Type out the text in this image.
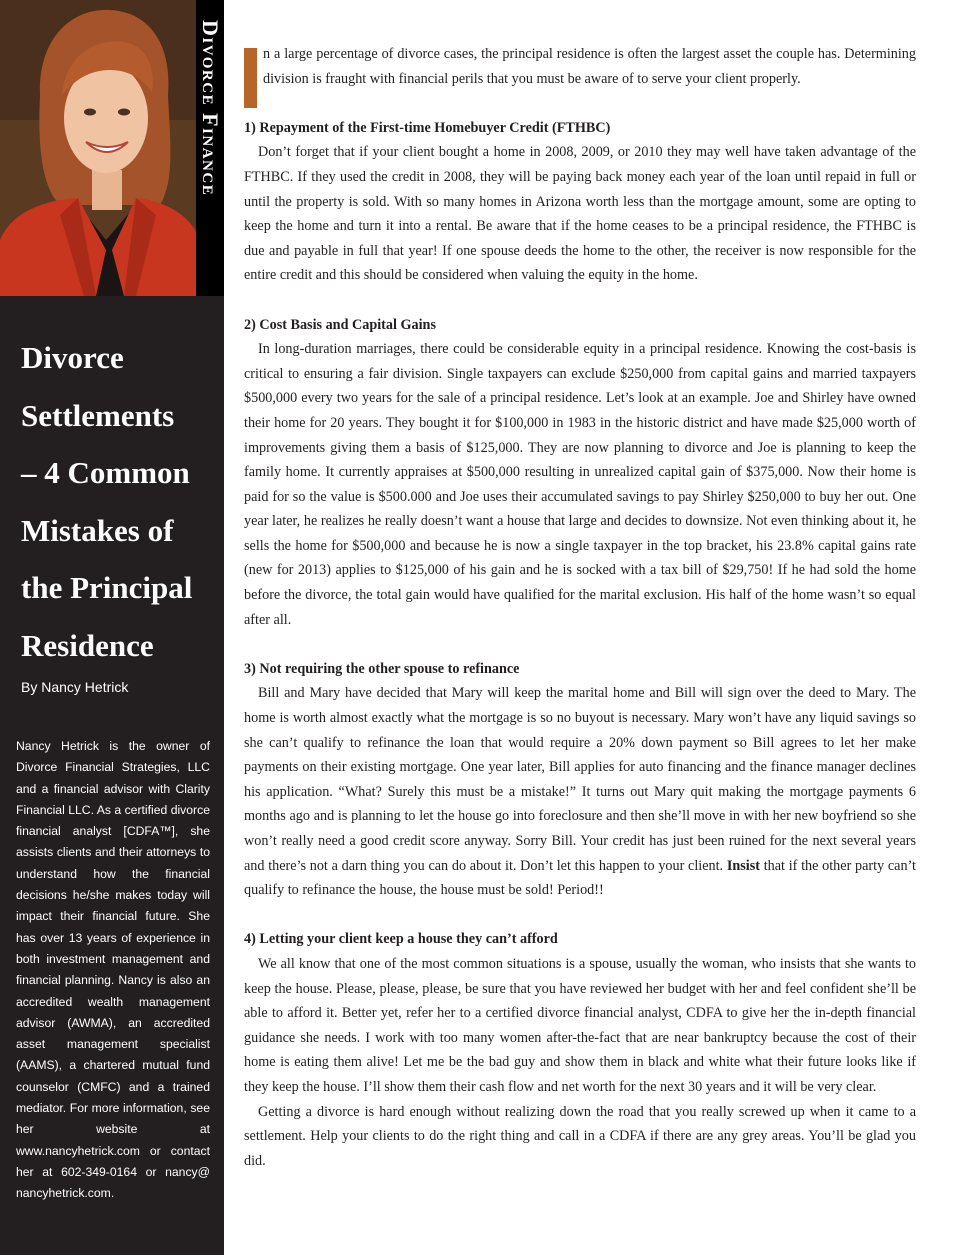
Divorce Finance
Divorce
Settlements
– 4 Common
Mistakes of
the Principal
Residence
By Nancy Hetrick

Nancy Hetrick is the owner of Divorce Financial Strategies, LLC and a financial advisor with Clarity Financial LLC. As a certified divorce financial analyst [CDFA™], she assists clients and their attorneys to understand how the financial decisions he/she makes today will impact their financial future. She has over 13 years of experience in both investment management and financial planning. Nancy is also an accredited wealth management advisor (AWMA), an accredited asset management specialist (AAMS), a chartered mutual fund counselor (CMFC) and a trained mediator. For more information, see her website at www.nancyhetrick.com or contact her at 602-349-0164 or nancy@ nancyhetrick.com.

n a large percentage of divorce cases, the principal residence is often the largest asset the couple has. Determining division is fraught with financial perils that you must be aware of to serve your client properly.

1) Repayment of the First-time Homebuyer Credit (FTHBC)

Don’t forget that if your client bought a home in 2008, 2009, or 2010 they may well have taken advantage of the FTHBC. If they used the credit in 2008, they will be paying back money each year of the loan until repaid in full or until the property is sold. With so many homes in Arizona worth less than the mortgage amount, some are opting to keep the home and turn it into a rental. Be aware that if the home ceases to be a principal residence, the FTHBC is due and payable in full that year! If one spouse deeds the home to the other, the receiver is now responsible for the entire credit and this should be considered when valuing the equity in the home.

2) Cost Basis and Capital Gains

In long-duration marriages, there could be considerable equity in a principal residence. Knowing the cost-basis is critical to ensuring a fair division. Single taxpayers can exclude $250,000 from capital gains and married taxpayers $500,000 every two years for the sale of a principal residence. Let’s look at an example. Joe and Shirley have owned their home for 20 years. They bought it for $100,000 in 1983 in the historic district and have made $25,000 worth of improvements giving them a basis of $125,000. They are now planning to divorce and Joe is planning to keep the family home. It currently appraises at $500,000 resulting in unrealized capital gain of $375,000. Now their home is paid for so the value is $500.000 and Joe uses their accumulated savings to pay Shirley $250,000 to buy her out. One year later, he realizes he really doesn’t want a house that large and decides to downsize. Not even thinking about it, he sells the home for $500,000 and because he is now a single taxpayer in the top bracket, his 23.8% capital gains rate (new for 2013) applies to $125,000 of his gain and he is socked with a tax bill of $29,750! If he had sold the home before the divorce, the total gain would have qualified for the marital exclusion. His half of the home wasn’t so equal after all.

3) Not requiring the other spouse to refinance

Bill and Mary have decided that Mary will keep the marital home and Bill will sign over the deed to Mary. The home is worth almost exactly what the mortgage is so no buyout is necessary. Mary won’t have any liquid savings so she can’t qualify to refinance the loan that would require a 20% down payment so Bill agrees to let her make payments on their existing mortgage. One year later, Bill applies for auto financing and the finance manager declines his application. “What? Surely this must be a mistake!” It turns out Mary quit making the mortgage payments 6 months ago and is planning to let the house go into foreclosure and then she’ll move in with her new boyfriend so she won’t really need a good credit score anyway. Sorry Bill. Your credit has just been ruined for the next several years and there’s not a darn thing you can do about it. Don’t let this happen to your client. Insist that if the other party can’t qualify to refinance the house, the house must be sold! Period!!

4) Letting your client keep a house they can’t afford

We all know that one of the most common situations is a spouse, usually the woman, who insists that she wants to keep the house. Please, please, please, be sure that you have reviewed her budget with her and feel confident she’ll be able to afford it. Better yet, refer her to a certified divorce financial analyst, CDFA to give her the in-depth financial guidance she needs. I work with too many women after-the-fact that are near bankruptcy because the cost of their home is eating them alive! Let me be the bad guy and show them in black and white what their future looks like if they keep the house. I’ll show them their cash flow and net worth for the next 30 years and it will be very clear.

Getting a divorce is hard enough without realizing down the road that you really screwed up when it came to a settlement. Help your clients to do the right thing and call in a CDFA if there are any grey areas. You’ll be glad you did.
